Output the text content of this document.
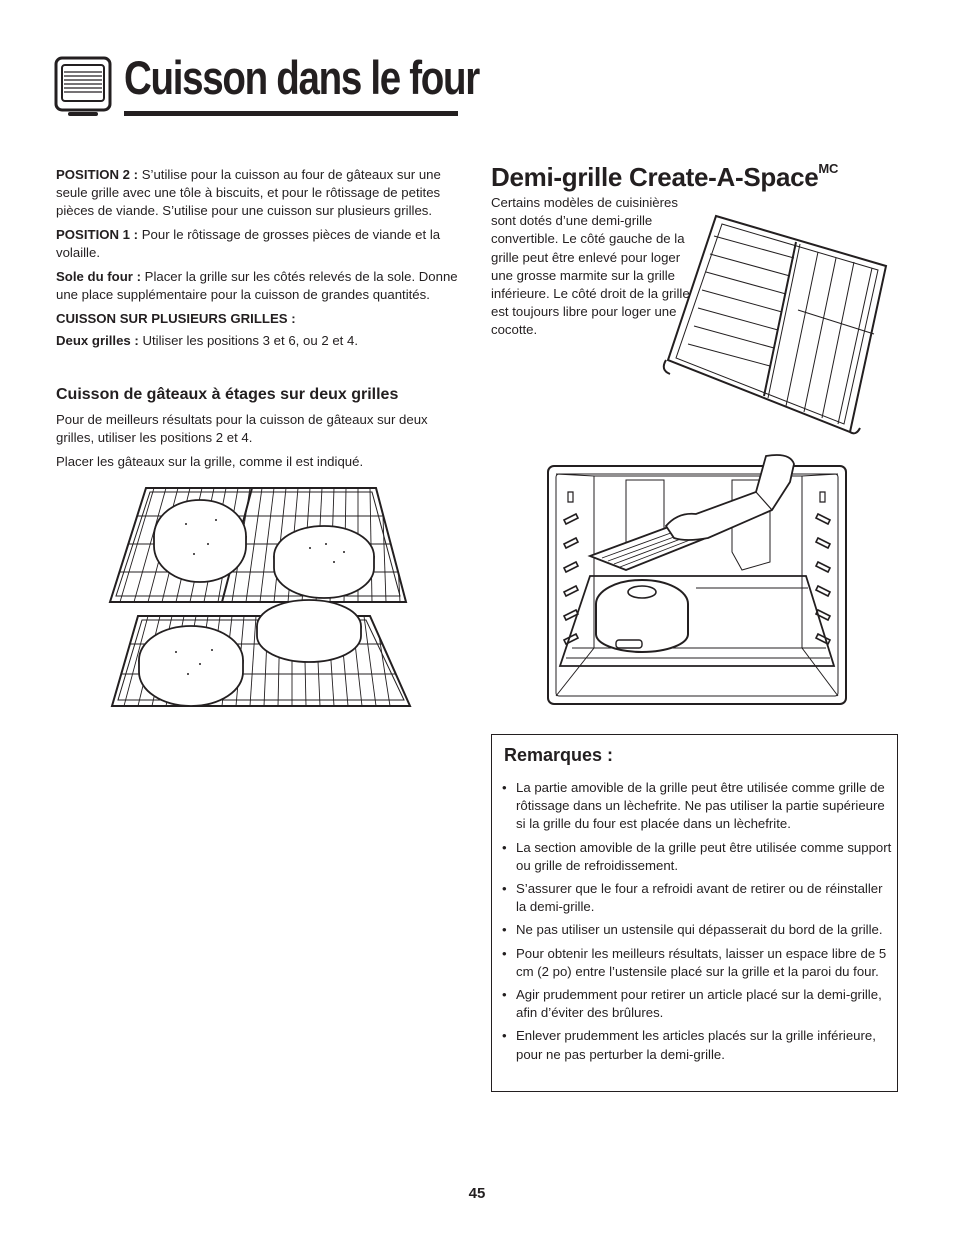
Cuisson dans le four

POSITION 2 : S’utilise pour la cuisson au four de gâteaux sur une seule grille avec une tôle à biscuits, et pour le rôtissage de petites pièces de viande. S’utilise pour une cuisson sur plusieurs grilles.

POSITION 1 : Pour le rôtissage de grosses pièces de viande et la volaille.

Sole du four : Placer la grille sur les côtés relevés de la sole. Donne une place supplémentaire pour la cuisson de grandes quantités.

CUISSON SUR PLUSIEURS GRILLES :

Deux grilles : Utiliser les positions 3 et 6, ou 2 et 4.

Cuisson de gâteaux à étages sur deux grilles

Pour de meilleurs résultats pour la cuisson de gâteaux sur deux grilles, utiliser les positions 2 et 4.

Placer les gâteaux sur la grille, comme il est indiqué.

Demi-grille Create-A-Space$^{MC}$
Certains modèles de cuisinières sont dotés d’une demi-grille convertible. Le côté gauche de la grille peut être enlevé pour loger une grosse marmite sur la grille inférieure. Le côté droit de la grille est toujours libre pour loger une cocotte.
Remarques :
• La partie amovible de la grille peut être utilisée comme grille de rôtissage dans un lèchefrite. Ne pas utiliser la partie supérieure si la grille du four est placée dans un lèchefrite.
• La section amovible de la grille peut être utilisée comme support ou grille de refroidissement.
• S’assurer que le four a refroidi avant de retirer ou de réinstaller la demi-grille.
• Ne pas utiliser un ustensile qui dépasserait du bord de la grille.
• Pour obtenir les meilleurs résultats, laisser un espace libre de 5 cm (2 po) entre l’ustensile placé sur la grille et la paroi du four.
• Agir prudemment pour retirer un article placé sur la demi-grille, afin d’éviter des brûlures.
• Enlever prudemment les articles placés sur la grille inférieure, pour ne pas perturber la demi-grille.
45
